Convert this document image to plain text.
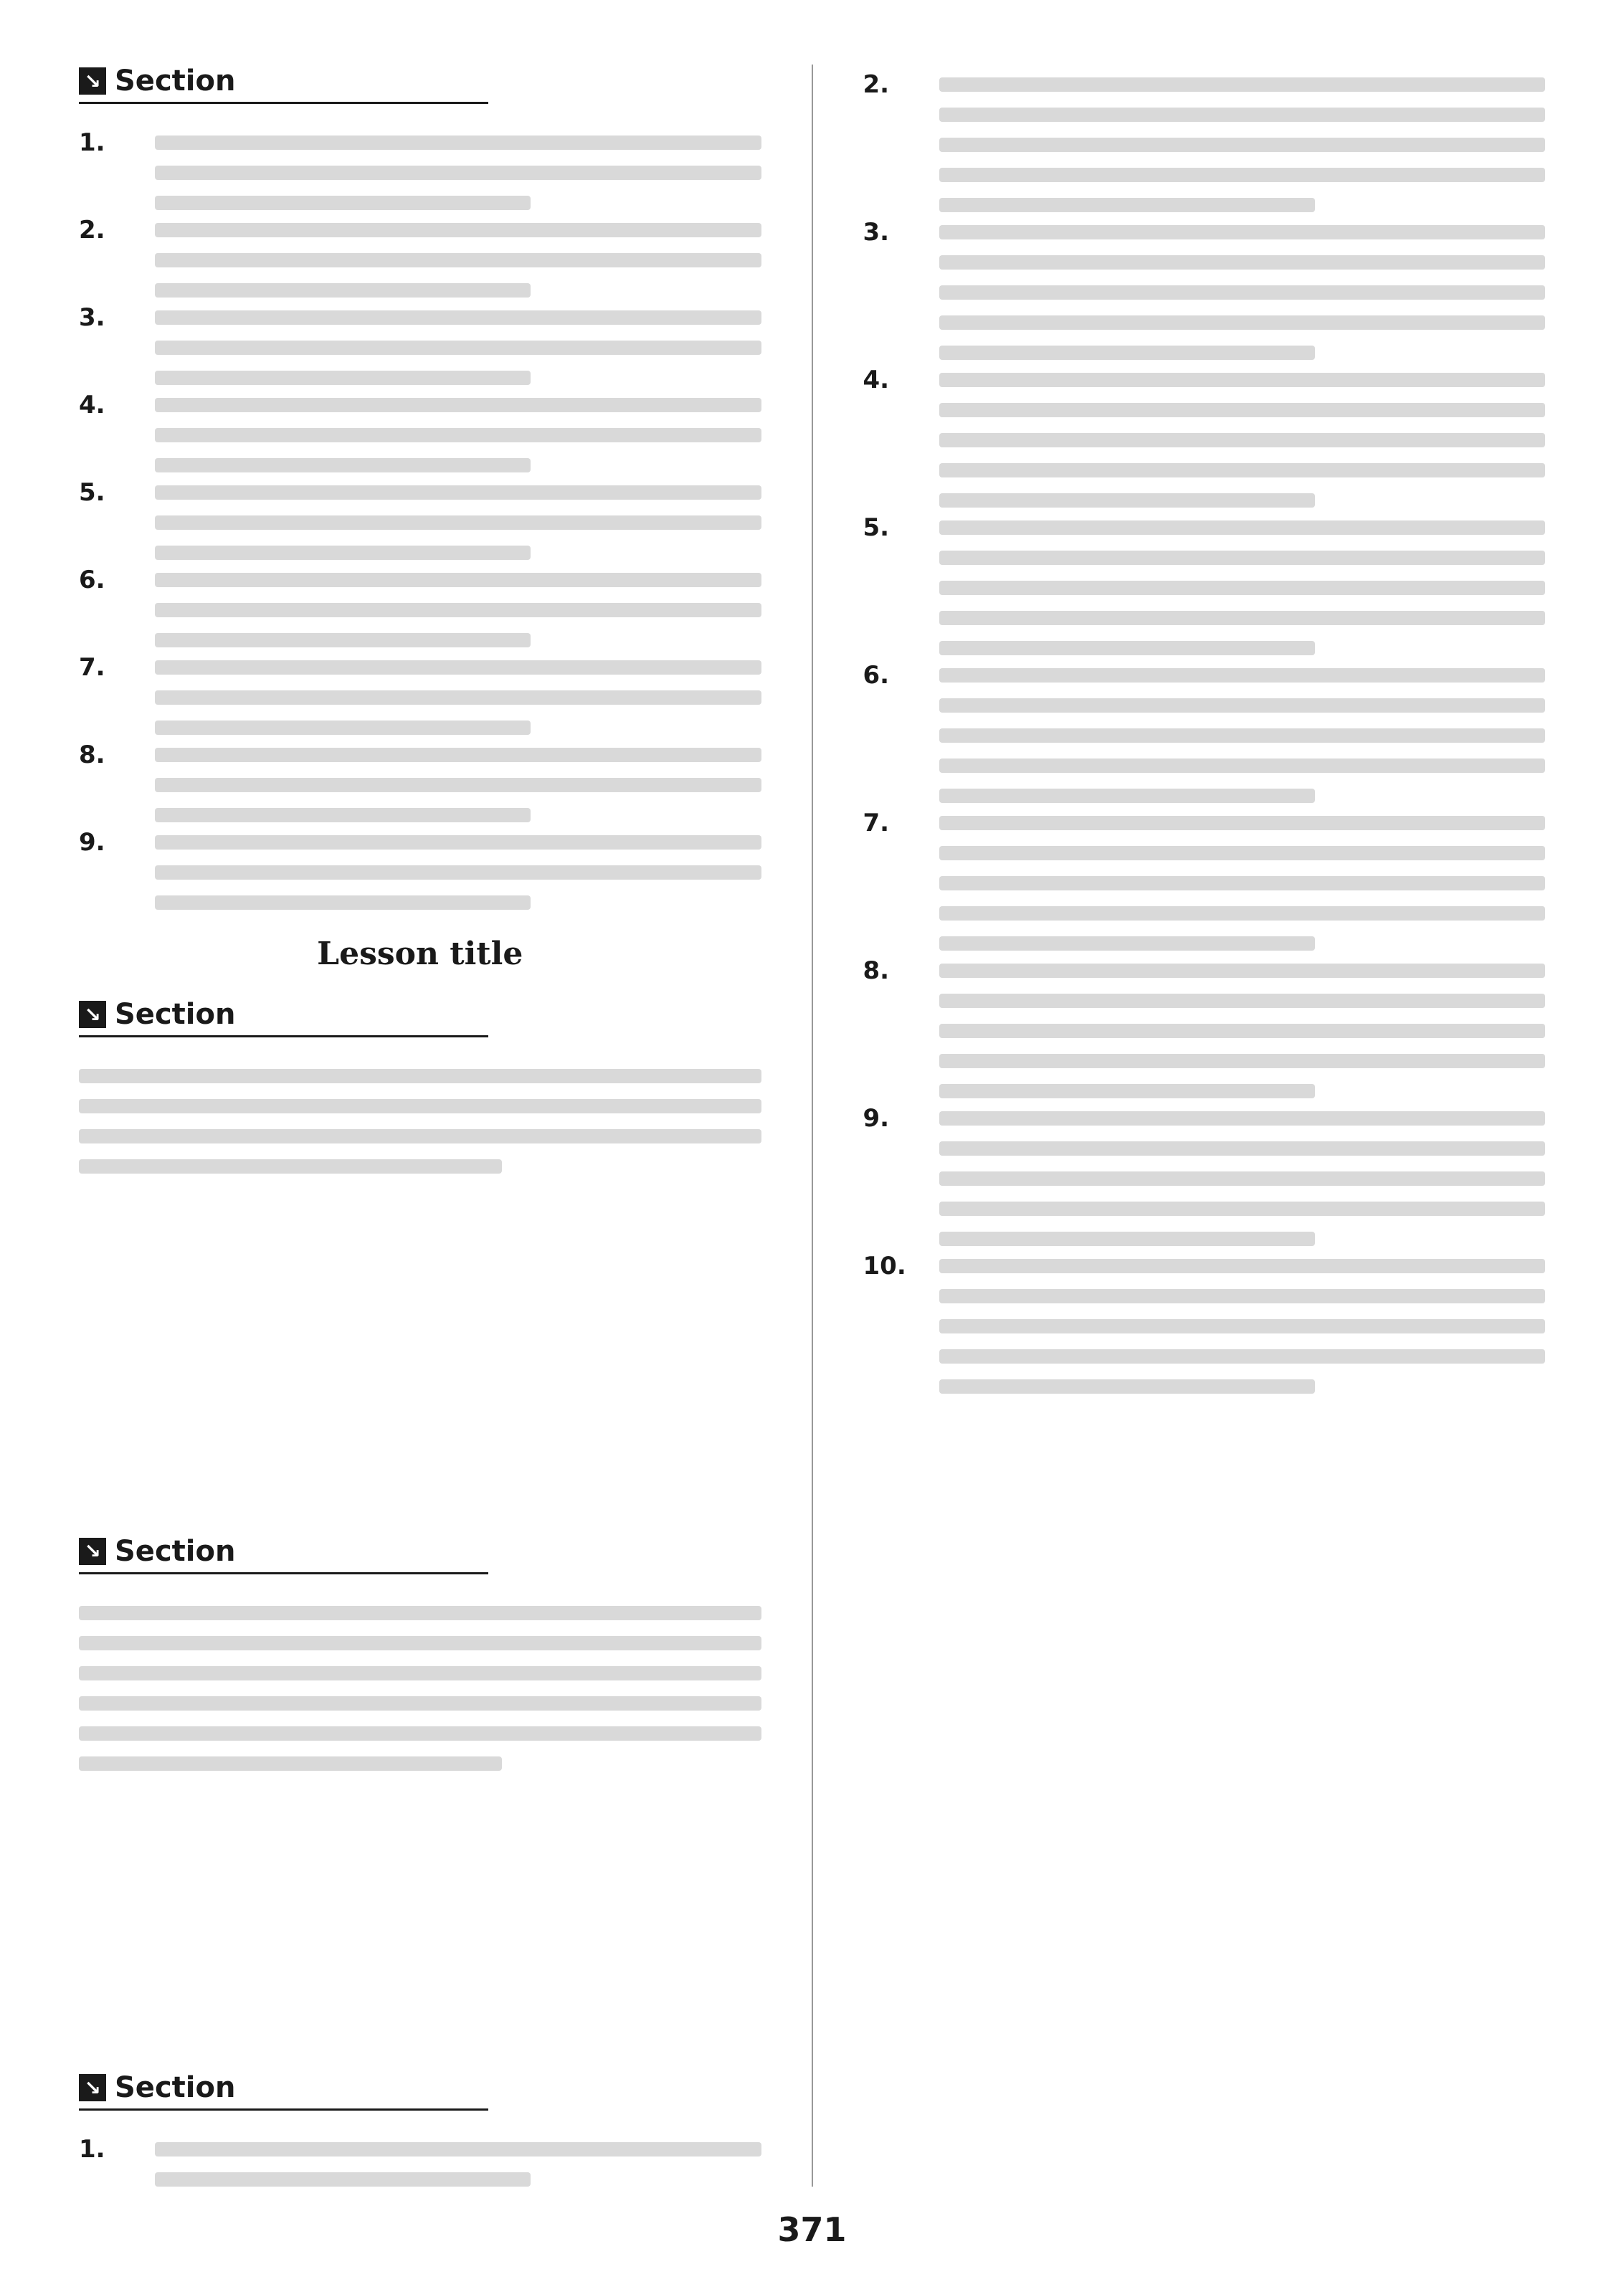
↘ Section
1.
2.
3.
4.
5.
6.
7.
8.
9.
Lesson title
↘ Section
↘ Section
↘ Section
1.
2.
3.
4.
5.
6.
7.
8.
9.
10.
371
